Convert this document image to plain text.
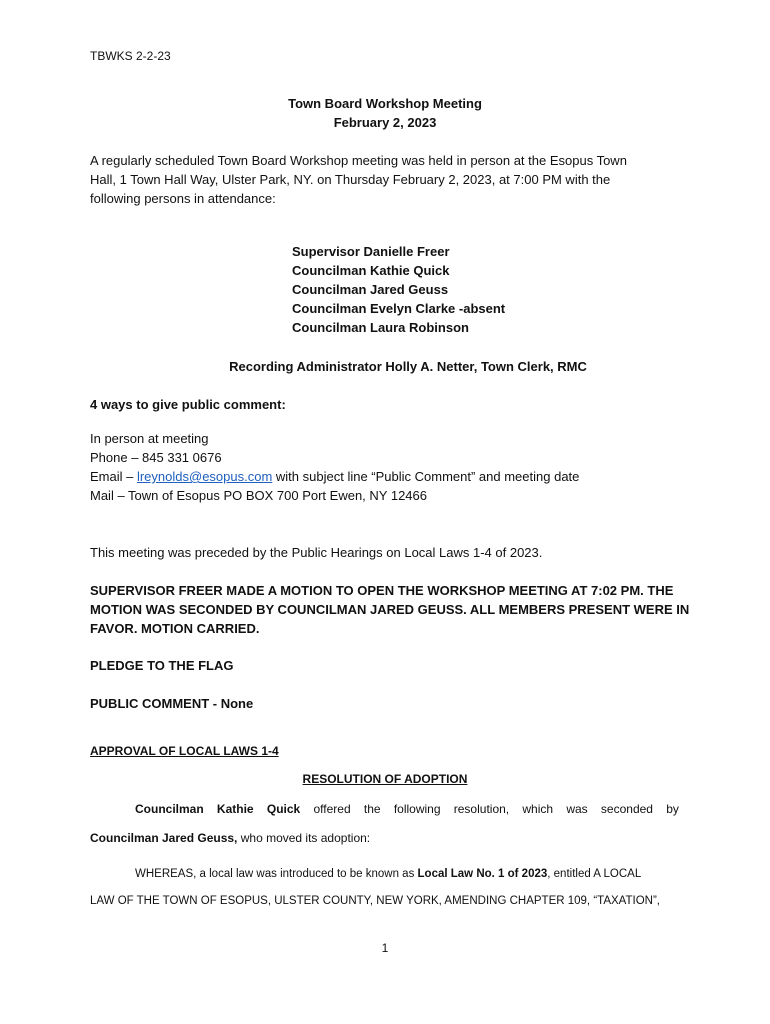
TBWKS 2-2-23
Town Board Workshop Meeting
February 2, 2023
A regularly scheduled Town Board Workshop meeting was held in person at the Esopus Town
Hall, 1 Town Hall Way, Ulster Park, NY. on Thursday February 2, 2023, at 7:00 PM with the
following persons in attendance:
Supervisor Danielle Freer
Councilman Kathie Quick
Councilman Jared Geuss
Councilman Evelyn Clarke -absent
Councilman Laura Robinson
Recording Administrator Holly A. Netter, Town Clerk, RMC
4 ways to give public comment:
In person at meeting
Phone – 845 331 0676
Email – lreynolds@esopus.com with subject line “Public Comment” and meeting date
Mail – Town of Esopus PO BOX 700 Port Ewen, NY 12466
This meeting was preceded by the Public Hearings on Local Laws 1-4 of 2023.
SUPERVISOR FREER MADE A MOTION TO OPEN THE WORKSHOP MEETING AT 7:02 PM. THE
MOTION WAS SECONDED BY COUNCILMAN JARED GEUSS. ALL MEMBERS PRESENT WERE IN
FAVOR. MOTION CARRIED.
PLEDGE TO THE FLAG
PUBLIC COMMENT - None
APPROVAL OF LOCAL LAWS 1-4
RESOLUTION OF ADOPTION
Councilman Kathie Quick offered the following resolution, which was seconded by
Councilman Jared Geuss, who moved its adoption:
WHEREAS, a local law was introduced to be known as Local Law No. 1 of 2023, entitled A LOCAL
LAW OF THE TOWN OF ESOPUS, ULSTER COUNTY, NEW YORK, AMENDING CHAPTER 109, “TAXATION”,
1
